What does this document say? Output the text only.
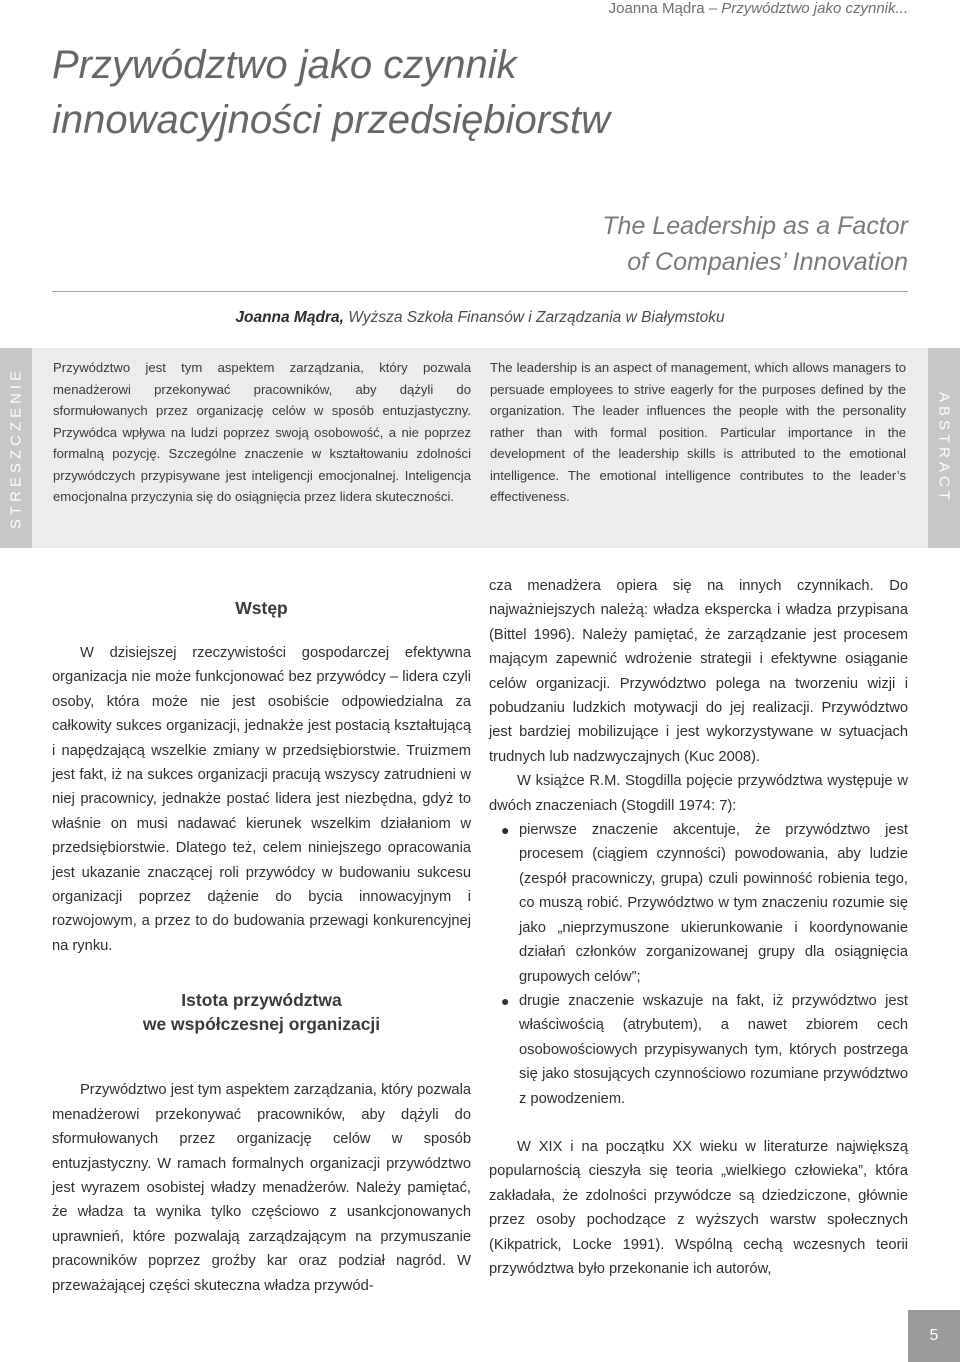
Joanna Mądra – Przywództwo jako czynnik...
Przywództwo jako czynnik
innowacyjności przedsiębiorstw
The Leadership as a Factor
of Companies’ Innovation
Joanna Mądra, Wyższa Szkoła Finansów i Zarządzania w Białymstoku
STRESZCZENIE Przywództwo jest tym aspektem zarządzania, który pozwala menadżerowi przekonywać pracowników, aby dążyli do sformułowanych przez organizację celów w sposób entuzjastyczny. Przywódca wpływa na ludzi poprzez swoją osobowość, a nie poprzez formalną pozycję. Szczególne znaczenie w kształtowaniu zdolności przywódczych przypisywane jest inteligencji emocjonalnej. Inteligencja emocjonalna przyczynia się do osiągnięcia przez lidera skuteczności.
The leadership is an aspect of management, which allows managers to persuade employees to strive eagerly for the purposes defined by the organization. The leader influences the people with the personality rather than with formal position. Particular importance in the development of the leadership skills is attributed to the emotional intelligence. The emotional intelligence contributes to the leader’s effectiveness.	ABSTRACT
Wstęp

W dzisiejszej rzeczywistości gospodarczej efektywna organizacja nie może funkcjonować bez przywódcy – lidera czyli osoby, która może nie jest osobiście odpowiedzialna za całkowity sukces organizacji, jednakże jest postacią kształtującą i napędzającą wszelkie zmiany w przedsiębiorstwie. Truizmem jest fakt, iż na sukces organizacji pracują wszyscy zatrudnieni w niej pracownicy, jednakże postać lidera jest niezbędna, gdyż to właśnie on musi nadawać kierunek wszelkim działaniom w przedsiębiorstwie. Dlatego też, celem niniejszego opracowania jest ukazanie znaczącej roli przywódcy w budowaniu sukcesu organizacji poprzez dążenie do bycia innowacyjnym i rozwojowym, a przez to do budowania przewagi konkurencyjnej na rynku.

Istota przywództwa
we współczesnej organizacji

Przywództwo jest tym aspektem zarządzania, który pozwala menadżerowi przekonywać pracowników, aby dążyli do sformułowanych przez organizację celów w sposób entuzjastyczny. W ramach formalnych organizacji przywództwo jest wyrazem osobistej władzy menadżerów. Należy pamiętać, że władza ta wynika tylko częściowo z usankcjonowanych uprawnień, które pozwalają zarządzającym na przymuszanie pracowników poprzez groźby kar oraz podział nagród. W przeważającej części skuteczna władza przywód-

cza menadżera opiera się na innych czynnikach. Do najważniejszych należą: władza ekspercka i władza przypisana (Bittel 1996). Należy pamiętać, że zarządzanie jest procesem mającym zapewnić wdrożenie strategii i efektywne osiąganie celów organizacji. Przywództwo polega na tworzeniu wizji i pobudzaniu ludzkich motywacji do jej realizacji. Przywództwo jest bardziej mobilizujące i jest wykorzystywane w sytuacjach trudnych lub nadzwyczajnych (Kuc 2008).

W książce R.M. Stogdilla pojęcie przywództwa występuje w dwóch znaczeniach (Stogdill 1974: 7):

● pierwsze znaczenie akcentuje, że przywództwo jest procesem (ciągiem czynności) powodowania, aby ludzie (zespół pracowniczy, grupa) czuli powinność robienia tego, co muszą robić. Przywództwo w tym znaczeniu rozumie się jako „nieprzymuszone ukierunkowanie i koordynowanie działań członków zorganizowanej grupy dla osiągnięcia grupowych celów”;
● drugie znaczenie wskazuje na fakt, iż przywództwo jest właściwością (atrybutem), a nawet zbiorem cech osobowościowych przypisywanych tym, których postrzega się jako stosujących czynnościowo rozumiane przywództwo z powodzeniem.

W XIX i na początku XX wieku w literaturze największą popularnością cieszyła się teoria „wielkiego człowieka”, która zakładała, że zdolności przywódcze są dziedziczone, głównie przez osoby pochodzące z wyższych warstw społecznych (Kikpatrick, Locke 1991). Wspólną cechą wczesnych teorii przywództwa było przekonanie ich autorów,

5
